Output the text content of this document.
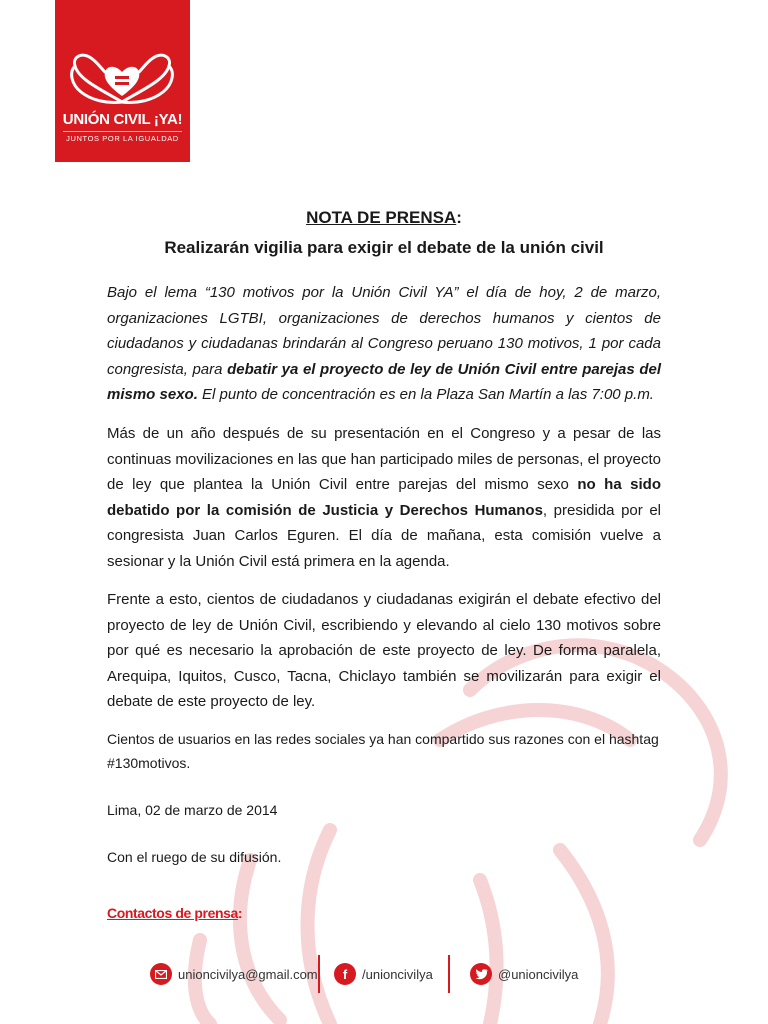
UNIÓN CIVIL ¡YA!
JUNTOS POR LA IGUALDAD
NOTA DE PRENSA:
Realizarán vigilia para exigir el debate de la unión civil

Bajo el lema “130 motivos por la Unión Civil YA” el día de hoy, 2 de marzo, organizaciones LGTBI, organizaciones de derechos humanos y cientos de ciudadanos y ciudadanas brindarán al Congreso peruano 130 motivos, 1 por cada congresista, para debatir ya el proyecto de ley de Unión Civil entre parejas del mismo sexo. El punto de concentración es en la Plaza San Martín a las 7:00 p.m.

Más de un año después de su presentación en el Congreso y a pesar de las continuas movilizaciones en las que han participado miles de personas, el proyecto de ley que plantea la Unión Civil entre parejas del mismo sexo no ha sido debatido por la comisión de Justicia y Derechos Humanos, presidida por el congresista Juan Carlos Eguren. El día de mañana, esta comisión vuelve a sesionar y la Unión Civil está primera en la agenda.

Frente a esto, cientos de ciudadanos y ciudadanas exigirán el debate efectivo del proyecto de ley de Unión Civil, escribiendo y elevando al cielo 130 motivos sobre por qué es necesario la aprobación de este proyecto de ley. De forma paralela, Arequipa, Iquitos, Cusco, Tacna, Chiclayo también se movilizarán para exigir el debate de este proyecto de ley.

Cientos de usuarios en las redes sociales ya han compartido sus razones con el hashtag #130motivos.

Lima, 02 de marzo de 2014

Con el ruego de su difusión.

Contactos de prensa:
unioncivilya@gmail.com	f	/unioncivilya	@unioncivilya
